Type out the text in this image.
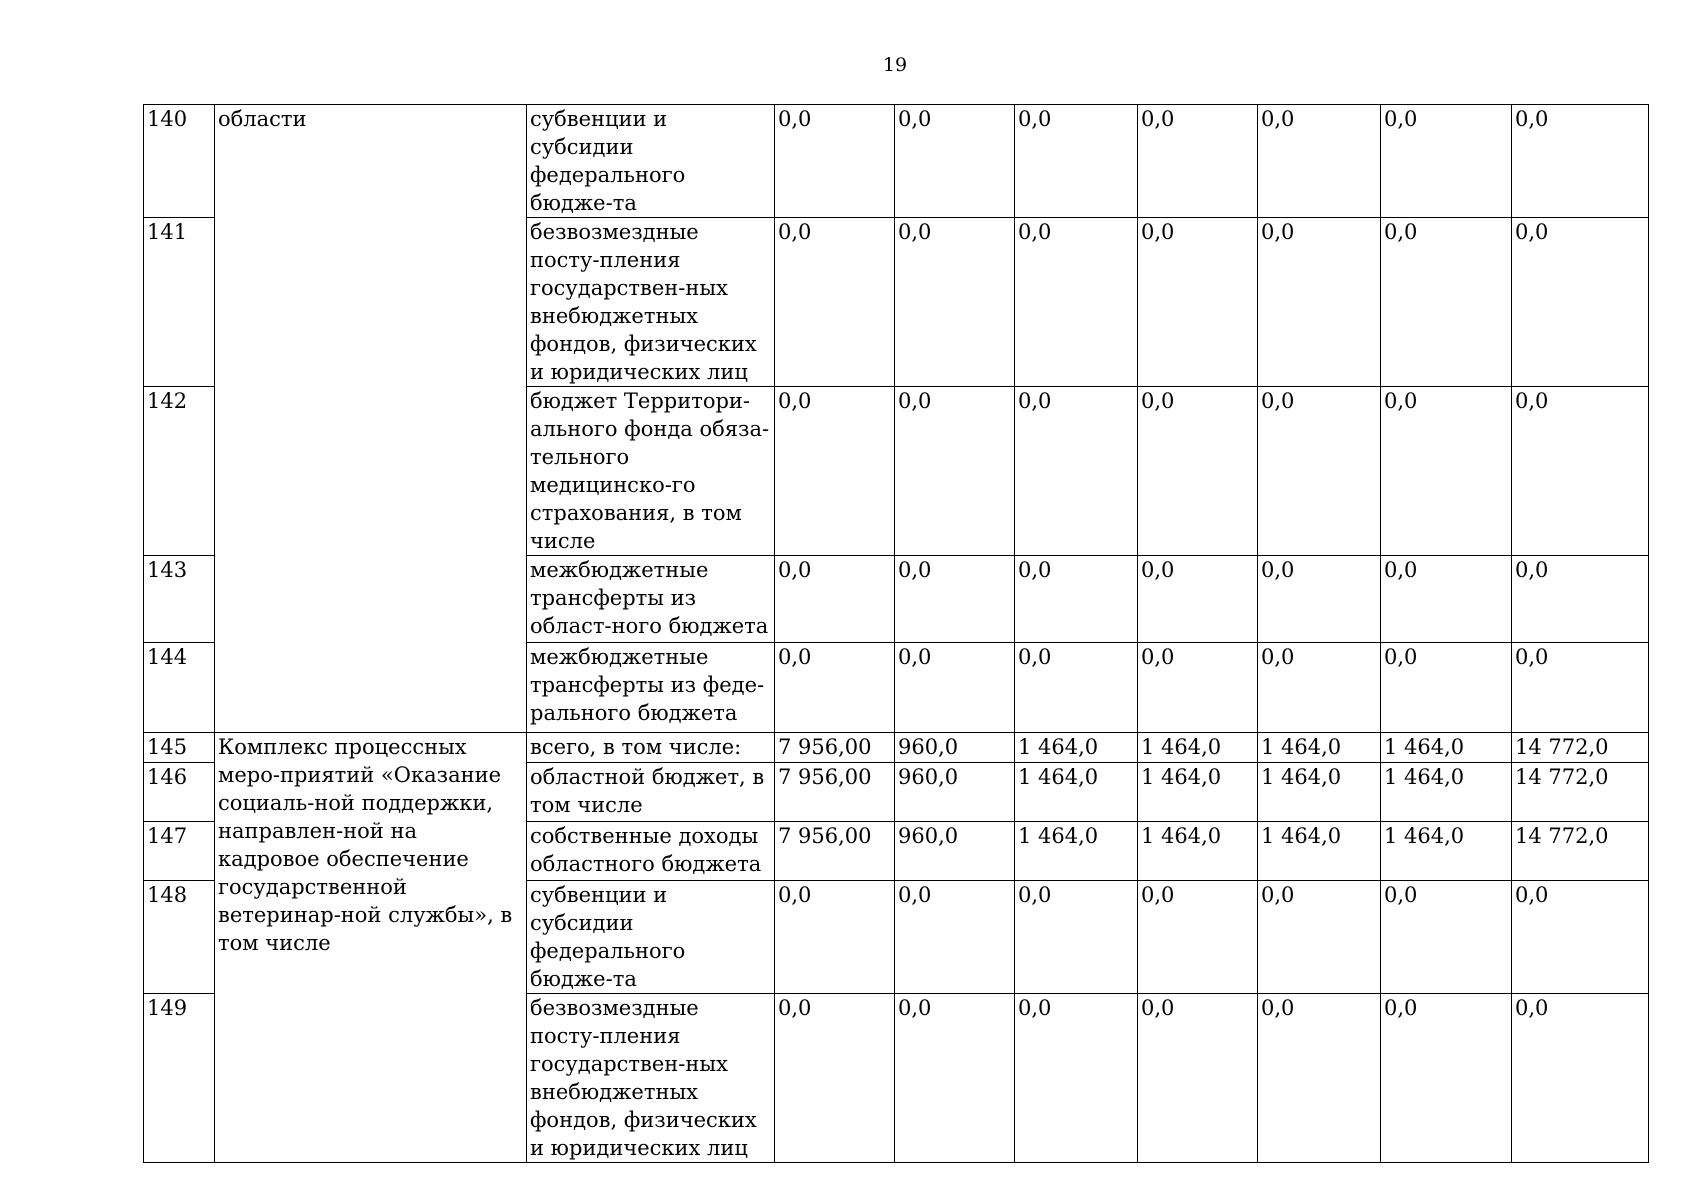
19
140	области	субвенции и субсидии федерального бюдже-та	0,0	0,0	0,0	0,0	0,0	0,0	0,0
141		безвозмездные посту-пления государствен-ных внебюджетных фондов, физических и юридических лиц	0,0	0,0	0,0	0,0	0,0	0,0	0,0
142		бюджет Территори-ального фонда обяза-тельного медицинско-го страхования, в том числе	0,0	0,0	0,0	0,0	0,0	0,0	0,0
143		межбюджетные трансферты из област-ного бюджета	0,0	0,0	0,0	0,0	0,0	0,0	0,0
144		межбюджетные трансферты из феде-рального бюджета	0,0	0,0	0,0	0,0	0,0	0,0	0,0
145	Комплекс процессных меро-приятий «Оказание социаль-ной поддержки, направлен-ной на кадровое обеспечение государственной ветеринар-ной службы», в том числе	всего, в том числе:	7 956,00	960,0	1 464,0	1 464,0	1 464,0	1 464,0	14 772,0
146		областной бюджет, в том числе	7 956,00	960,0	1 464,0	1 464,0	1 464,0	1 464,0	14 772,0
147		собственные доходы областного бюджета	7 956,00	960,0	1 464,0	1 464,0	1 464,0	1 464,0	14 772,0
148		субвенции и субсидии федерального бюдже-та	0,0	0,0	0,0	0,0	0,0	0,0	0,0
149		безвозмездные посту-пления государствен-ных внебюджетных фондов, физических и юридических лиц	0,0	0,0	0,0	0,0	0,0	0,0	0,0
